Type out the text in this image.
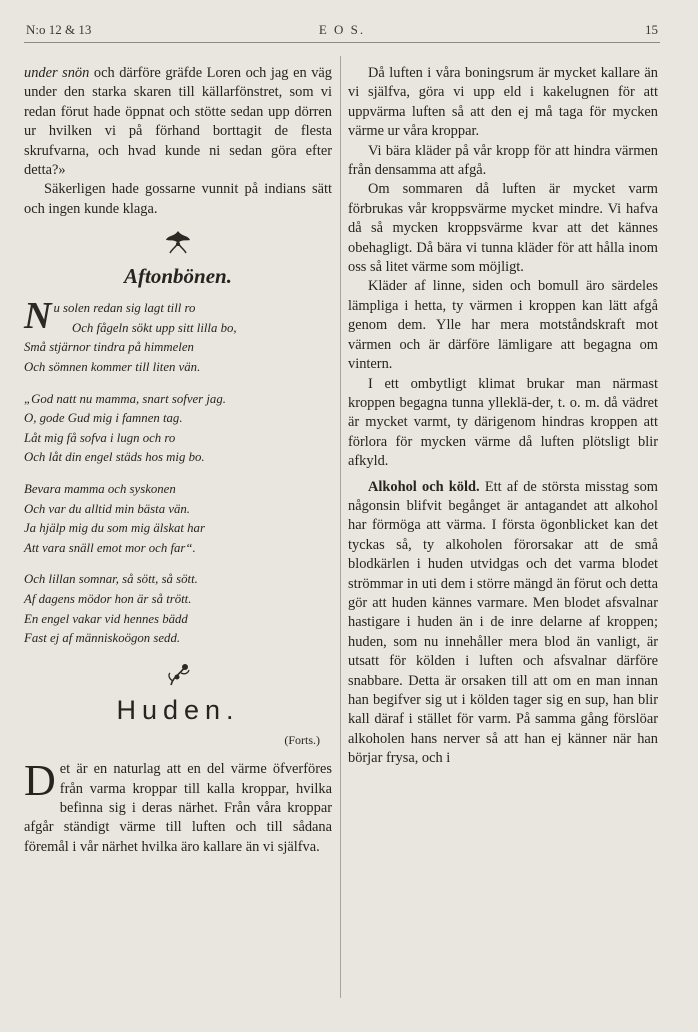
N:o 12 & 13	E O S.	15

under snön och därföre gräfde Loren och jag en väg under den starka skaren till källarfönstret, som vi redan förut hade öppnat och stötte sedan upp dörren ur hvilken vi på förhand borttagit de flesta skrufvarna, och hvad kunde ni sedan göra efter detta?»

Säkerligen hade gossarne vunnit på indians sätt och ingen kunde klaga.

Aftonbönen.
N u solen redan sig lagt till ro
Och fågeln sökt upp sitt lilla bo,
Små stjärnor tindra på himmelen
Och sömnen kommer till liten vän.
„God natt nu mamma, snart sofver jag.
O, gode Gud mig i famnen tag.
Låt mig få sofva i lugn och ro
Och låt din engel städs hos mig bo.
Bevara mamma och syskonen
Och var du alltid min bästa vän.
Ja hjälp mig du som mig älskat har
Att vara snäll emot mor och far“.
Och lillan somnar, så sött, så sött.
Af dagens mödor hon är så trött.
En engel vakar vid hennes bädd
Fast ej af människoögon sedd.
Huden.
(Forts.)

Det är en naturlag att en del värme öfverföres från varma kroppar till kalla kroppar, hvilka befinna sig i deras närhet. Från våra kroppar afgår ständigt värme till luften och till sådana föremål i vår närhet hvilka äro kallare än vi själfva.

Då luften i våra boningsrum är mycket kallare än vi själfva, göra vi upp eld i kakelugnen för att uppvärma luften så att den ej må taga för mycken värme ur våra kroppar.

Vi bära kläder på vår kropp för att hindra värmen från densamma att afgå.

Om sommaren då luften är mycket varm förbrukas vår kroppsvärme mycket mindre. Vi hafva då så mycken kroppsvärme kvar att det kännes obehagligt. Då bära vi tunna kläder för att hålla inom oss så litet värme som möjligt.

Kläder af linne, siden och bomull äro särdeles lämpliga i hetta, ty värmen i kroppen kan lätt afgå genom dem. Ylle har mera motståndskraft mot värmen och är därföre lämligare att begagna om vintern.

I ett ombytligt klimat brukar man närmast kroppen begagna tunna ylleklä-der, t. o. m. då vädret är mycket varmt, ty därigenom hindras kroppen att förlora för mycken värme då luften plötsligt blir afkyld.

Alkohol och köld. Ett af de största misstag som någonsin blifvit begånget är antagandet att alkohol har förmöga att värma. I första ögonblicket kan det tyckas så, ty alkoholen förorsakar att de små blodkärlen i huden utvidgas och det varma blodet strömmar in uti dem i större mängd än förut och detta gör att huden kännes varmare. Men blodet afsvalnar hastigare i huden än i de inre delarne af kroppen; huden, som nu innehåller mera blod än vanligt, är utsatt för kölden i luften och afsvalnar därföre snabbare. Detta är orsaken till att om en man innan han begifver sig ut i kölden tager sig en sup, han blir kall däraf i stället för varm. På samma gång förslöar alkoholen hans nerver så att han ej känner när han börjar frysa, och i
